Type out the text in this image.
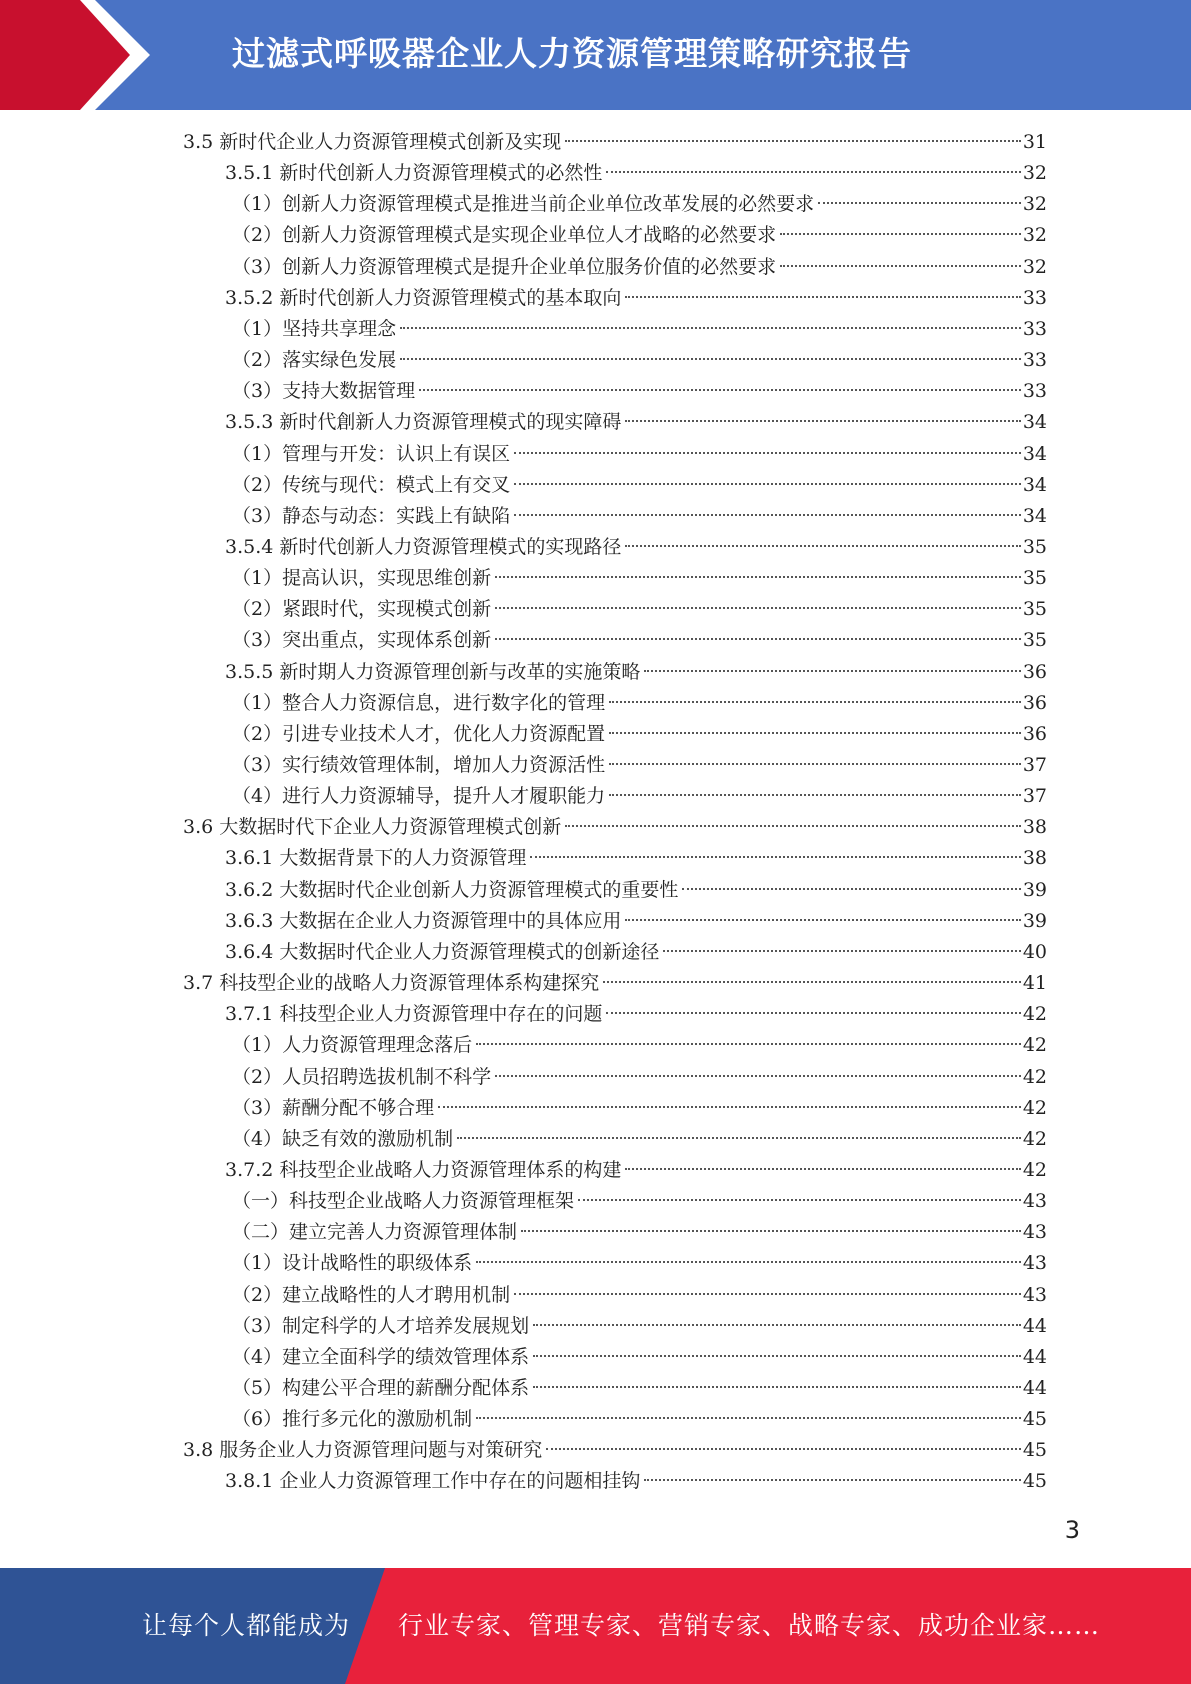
过滤式呼吸器企业人力资源管理策略研究报告
3.5 新时代企业人力资源管理模式创新及实现	31
3.5.1 新时代创新人力资源管理模式的必然性	32
（1）创新人力资源管理模式是推进当前企业单位改革发展的必然要求	32
（2）创新人力资源管理模式是实现企业单位人才战略的必然要求	32
（3）创新人力资源管理模式是提升企业单位服务价值的必然要求	32
3.5.2 新时代创新人力资源管理模式的基本取向	33
（1）坚持共享理念	33
（2）落实绿色发展	33
（3）支持大数据管理	33
3.5.3 新时代創新人力资源管理模式的现实障碍	34
（1）管理与开发：认识上有误区	34
（2）传统与现代：模式上有交叉	34
（3）静态与动态：实践上有缺陷	34
3.5.4 新时代创新人力资源管理模式的实现路径	35
（1）提高认识，实现思维创新	35
（2）紧跟时代，实现模式创新	35
（3）突出重点，实现体系创新	35
3.5.5 新时期人力资源管理创新与改革的实施策略	36
（1）整合人力资源信息，进行数字化的管理	36
（2）引进专业技术人才，优化人力资源配置	36
（3）实行绩效管理体制，增加人力资源活性	37
（4）进行人力资源辅导，提升人才履职能力	37
3.6 大数据时代下企业人力资源管理模式创新	38
3.6.1 大数据背景下的人力资源管理	38
3.6.2 大数据时代企业创新人力资源管理模式的重要性	39
3.6.3 大数据在企业人力资源管理中的具体应用	39
3.6.4 大数据时代企业人力资源管理模式的创新途径	40
3.7 科技型企业的战略人力资源管理体系构建探究	41
3.7.1 科技型企业人力资源管理中存在的问题	42
（1）人力资源管理理念落后	42
（2）人员招聘选拔机制不科学	42
（3）薪酬分配不够合理	42
（4）缺乏有效的激励机制	42
3.7.2 科技型企业战略人力资源管理体系的构建	42
（一）科技型企业战略人力资源管理框架	43
（二）建立完善人力资源管理体制	43
（1）设计战略性的职级体系	43
（2）建立战略性的人才聘用机制	43
（3）制定科学的人才培养发展规划	44
（4）建立全面科学的绩效管理体系	44
（5）构建公平合理的薪酬分配体系	44
（6）推行多元化的激励机制	45
3.8 服务企业人力资源管理问题与对策研究	45
3.8.1 企业人力资源管理工作中存在的问题相挂钩	45
3
让每个人都能成为 行业专家、管理专家、营销专家、战略专家、成功企业家……
